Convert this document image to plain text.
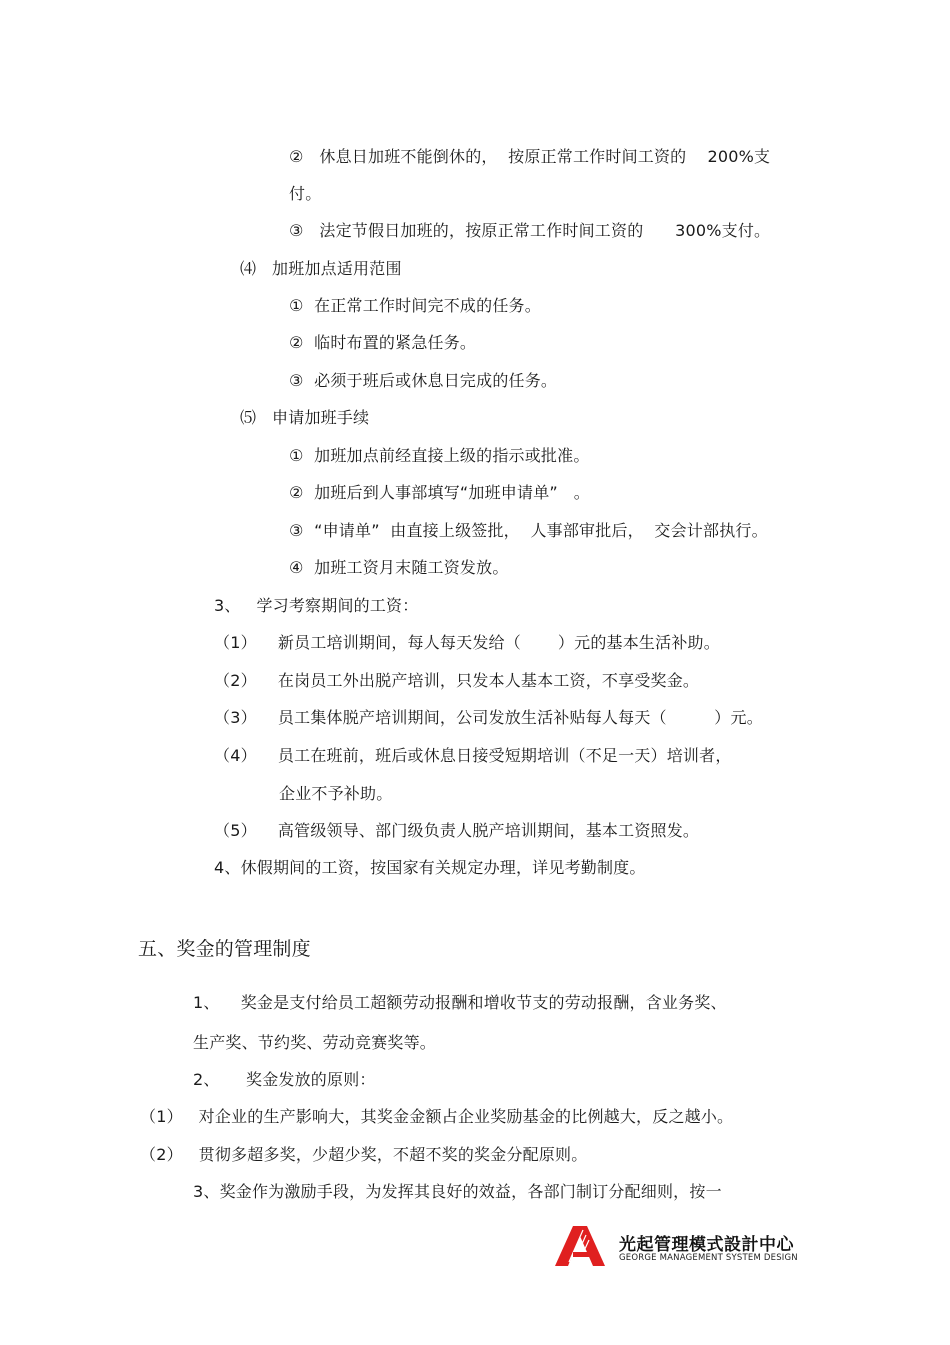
②   休息日加班不能倒休的，  按原正常工作时间工资的    200%支
付。
③   法定节假日加班的，按原正常工作时间工资的      300%支付。
⑷   加班加点适用范围
①  在正常工作时间完不成的任务。
②  临时布置的紧急任务。
③  必须于班后或休息日完成的任务。
⑸   申请加班手续
①  加班加点前经直接上级的指示或批准。
②  加班后到人事部填写“加班申请单”   。
③  “申请单”  由直接上级签批，  人事部审批后，  交会计部执行。
④  加班工资月末随工资发放。
3、   学习考察期间的工资：
（1）    新员工培训期间，每人每天发给（       ）元的基本生活补助。
（2）    在岗员工外出脱产培训，只发本人基本工资，不享受奖金。
（3）    员工集体脱产培训期间，公司发放生活补贴每人每天（         ）元。
（4）    员工在班前，班后或休息日接受短期培训（不足一天）培训者，
企业不予补助。
（5）    高管级领导、部门级负责人脱产培训期间，基本工资照发。
4、休假期间的工资，按国家有关规定办理，详见考勤制度。
五、奖金的管理制度
1、    奖金是支付给员工超额劳动报酬和增收节支的劳动报酬，含业务奖、
生产奖、节约奖、劳动竞赛奖等。
2、     奖金发放的原则：
（1）   对企业的生产影响大，其奖金金额占企业奖励基金的比例越大，反之越小。
（2）   贯彻多超多奖，少超少奖，不超不奖的奖金分配原则。
3、奖金作为激励手段，为发挥其良好的效益，各部门制订分配细则，按一
光起管理模式設計中心
GEORGE MANAGEMENT SYSTEM DESIGN
